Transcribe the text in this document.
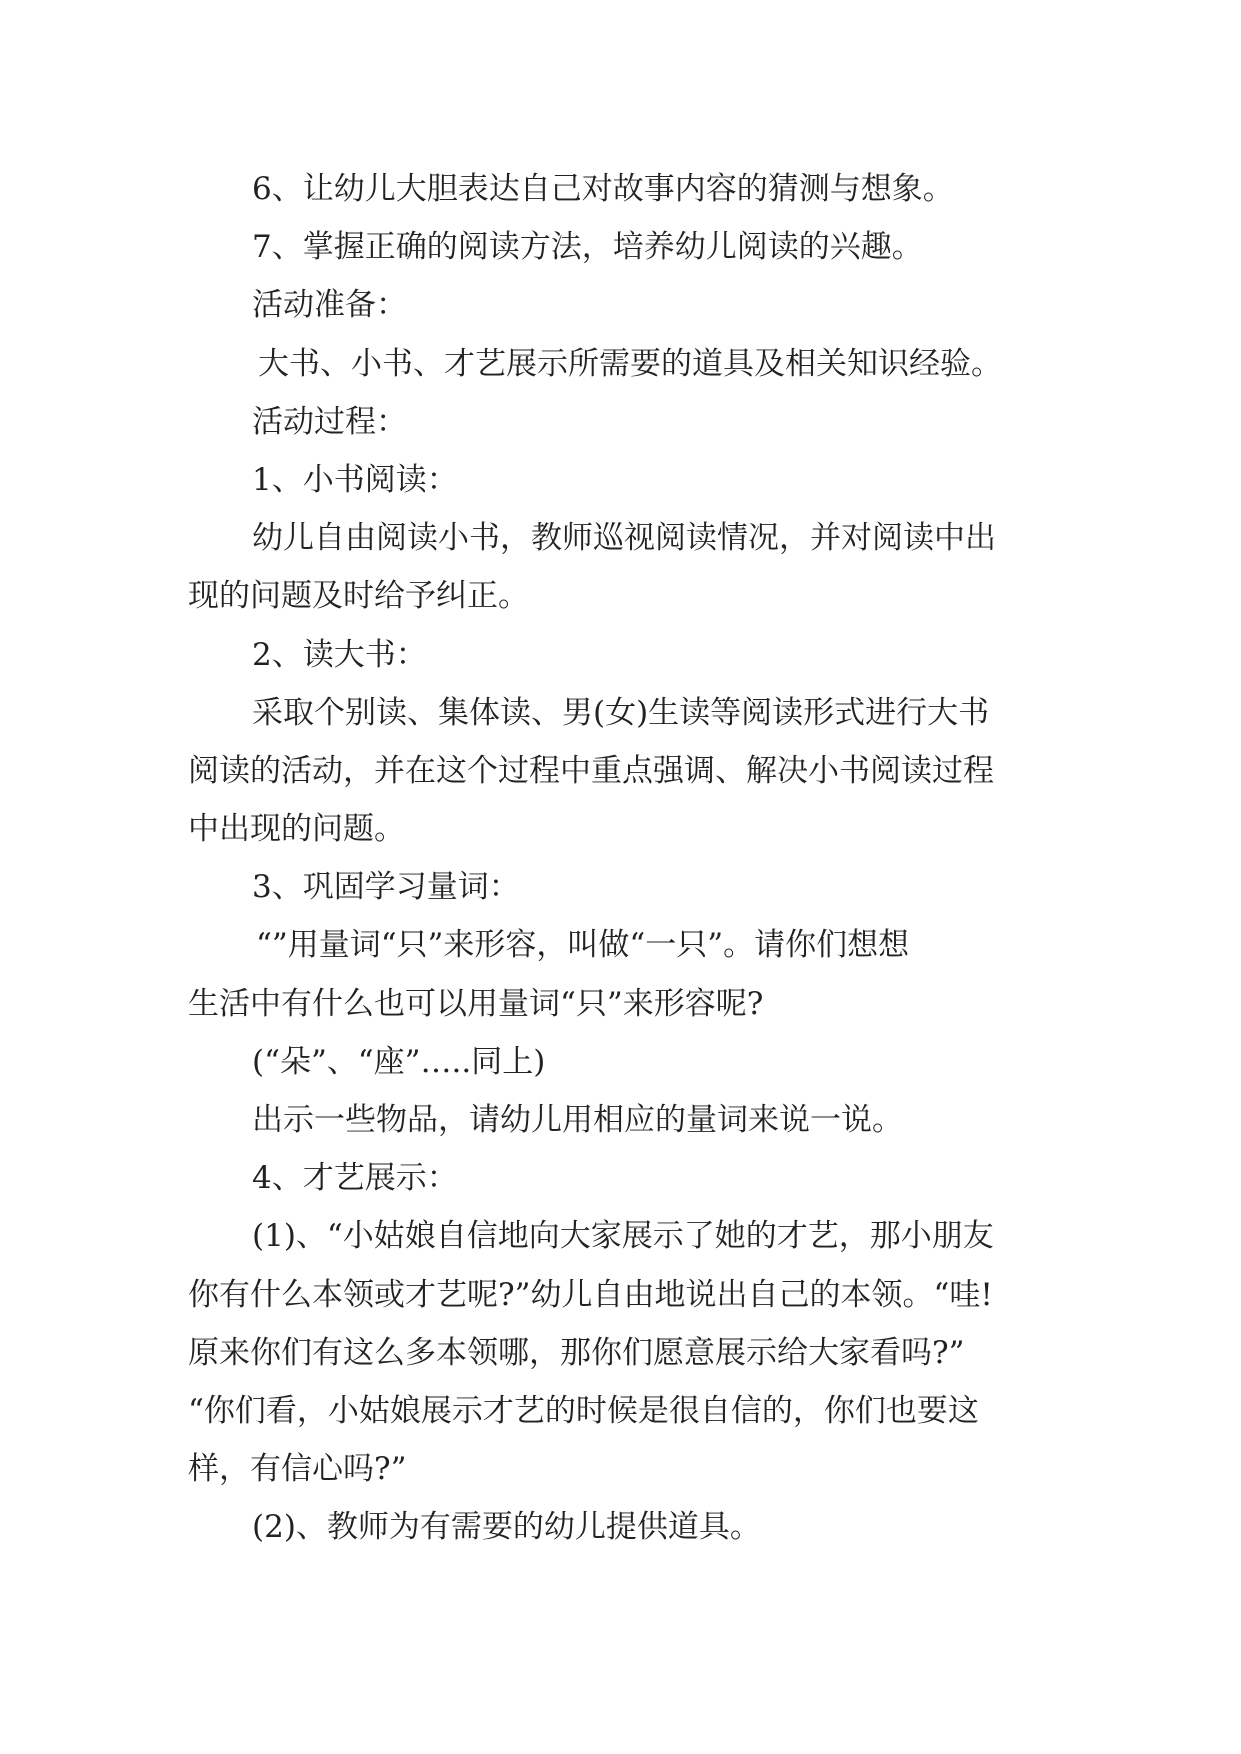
6、让幼儿大胆表达自己对故事内容的猜测与想象。
7、掌握正确的阅读方法，培养幼儿阅读的兴趣。
活动准备：
大书、小书、才艺展示所需要的道具及相关知识经验。
活动过程：
1、小书阅读：
幼儿自由阅读小书，教师巡视阅读情况，并对阅读中出
现的问题及时给予纠正。
2、读大书：
采取个别读、集体读、男(女)生读等阅读形式进行大书
阅读的活动，并在这个过程中重点强调、解决小书阅读过程
中出现的问题。
3、巩固学习量词：
“”用量词“只”来形容，叫做“一只”。请你们想想
生活中有什么也可以用量词“只”来形容呢?
(“朵”、“座”…..同上)
出示一些物品，请幼儿用相应的量词来说一说。
4、才艺展示：
(1)、“小姑娘自信地向大家展示了她的才艺，那小朋友
你有什么本领或才艺呢?”幼儿自由地说出自己的本领。“哇!
原来你们有这么多本领哪，那你们愿意展示给大家看吗?”
“你们看，小姑娘展示才艺的时候是很自信的，你们也要这
样，有信心吗?”
(2)、教师为有需要的幼儿提供道具。
